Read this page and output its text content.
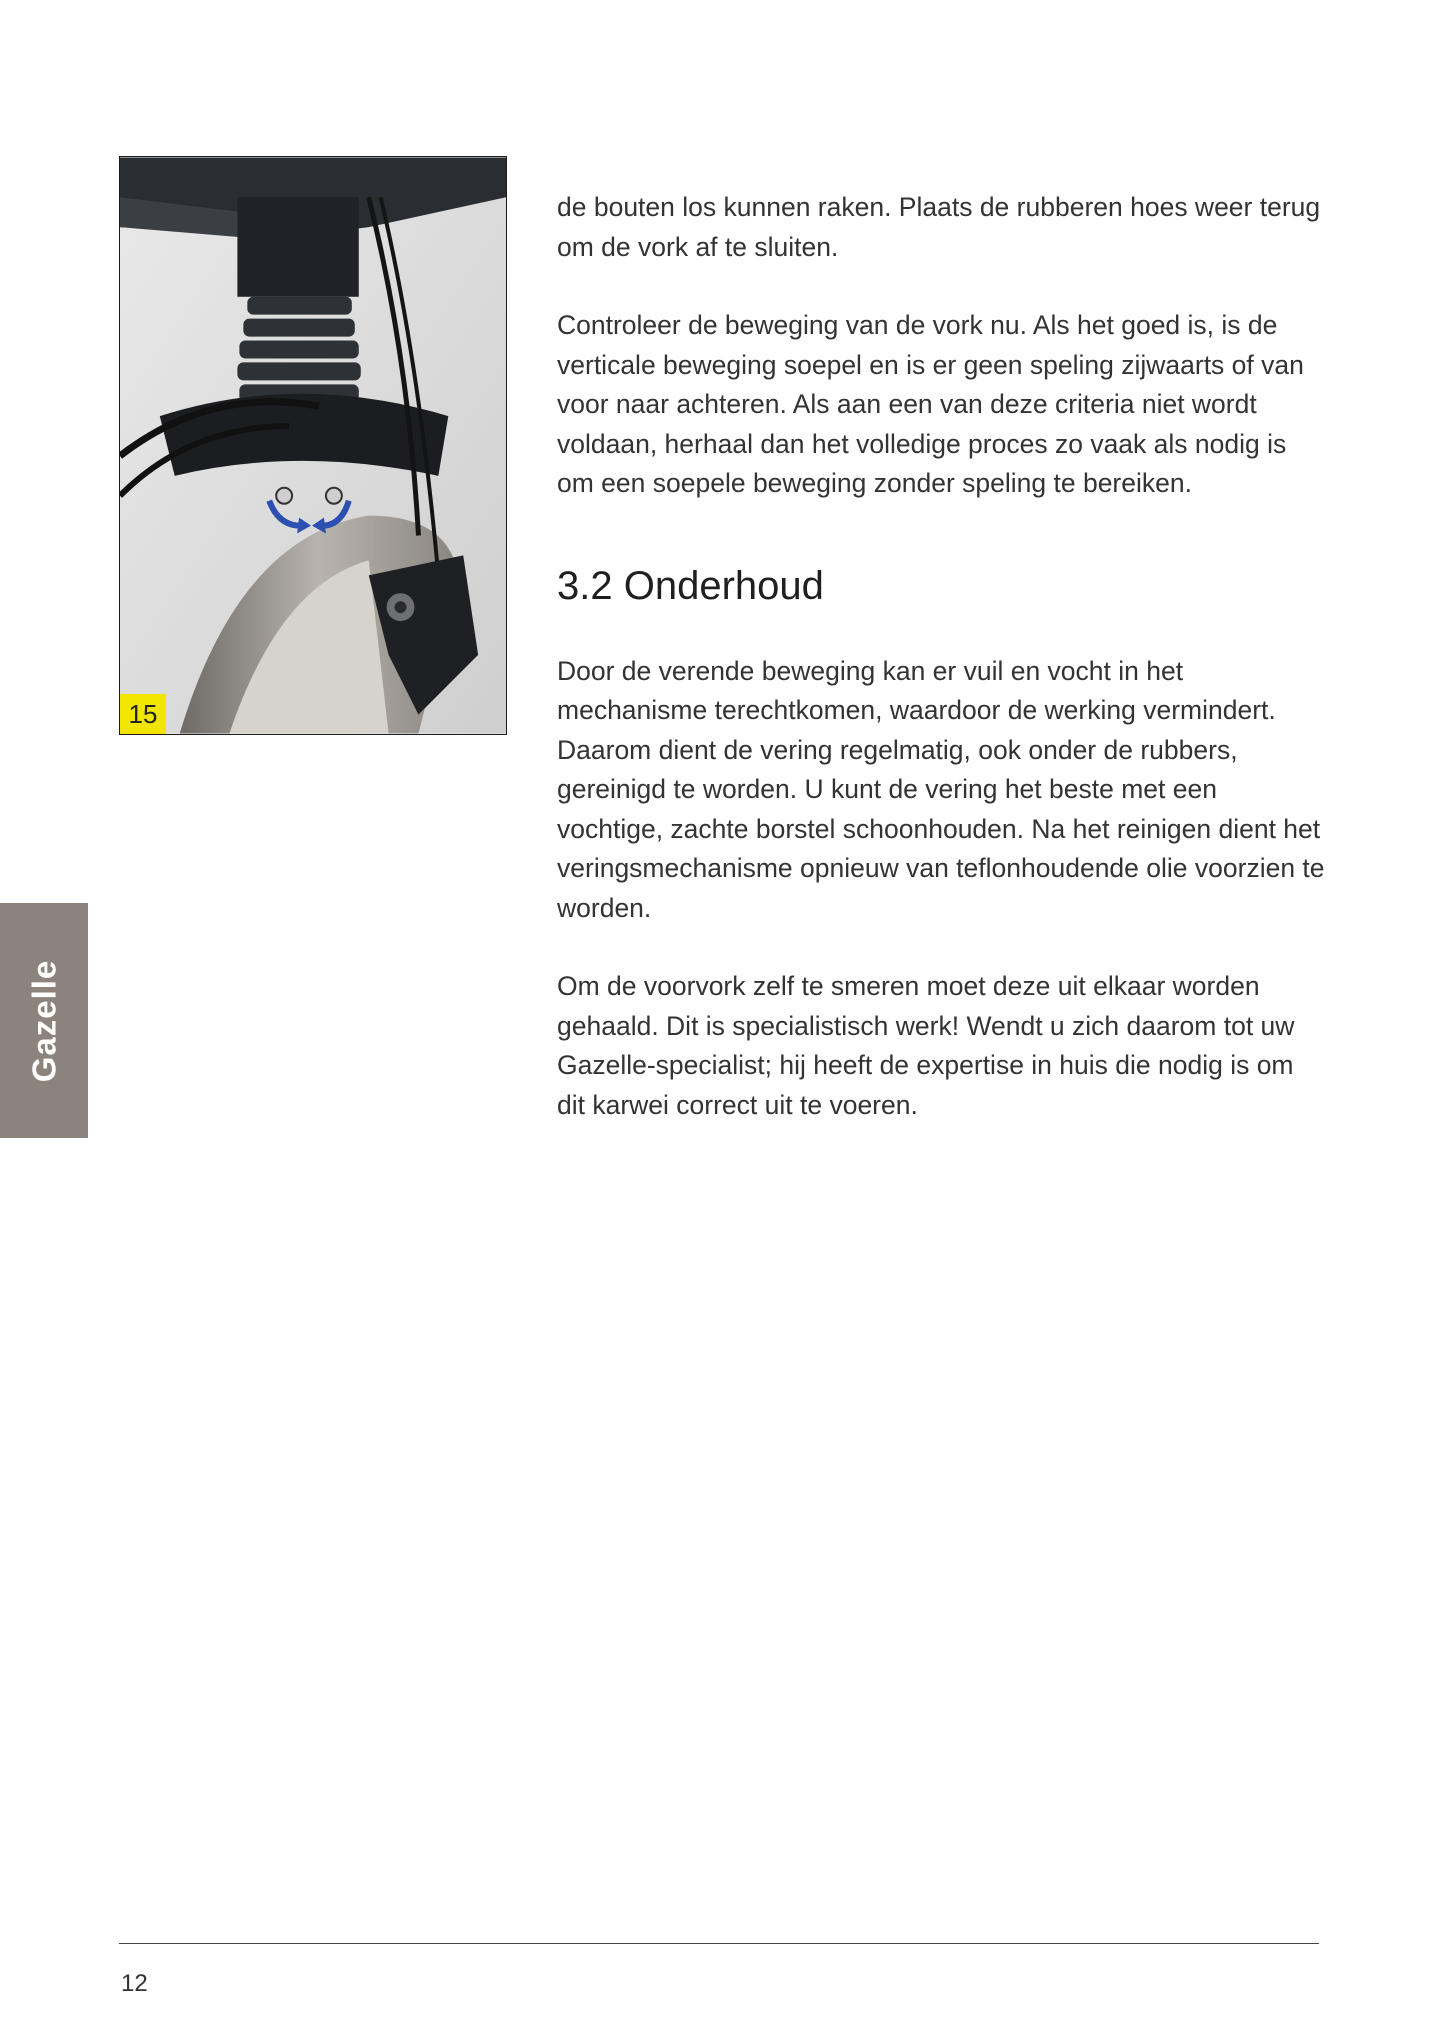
15

de bouten los kunnen raken. Plaats de rubberen hoes weer terug om de vork af te sluiten.

Controleer de beweging van de vork nu. Als het goed is, is de verticale beweging soepel en is er geen speling zijwaarts of van voor naar achteren. Als aan een van deze criteria niet wordt voldaan, herhaal dan het volledige proces zo vaak als nodig is om een soepele beweging zonder speling te bereiken.

3.2 Onderhoud

Door de verende beweging kan er vuil en vocht in het mechanisme terechtkomen, waardoor de werking vermindert. Daarom dient de vering regelmatig, ook onder de rubbers, gereinigd te worden. U kunt de vering het beste met een vochtige, zachte borstel schoonhouden. Na het reinigen dient het veringsmechanisme opnieuw van teflonhoudende olie voorzien te worden.

Om de voorvork zelf te smeren moet deze uit elkaar worden gehaald. Dit is specialistisch werk! Wendt u zich daarom tot uw Gazelle-specialist; hij heeft de expertise in huis die nodig is om dit karwei correct uit te voeren.

Gazelle
12
